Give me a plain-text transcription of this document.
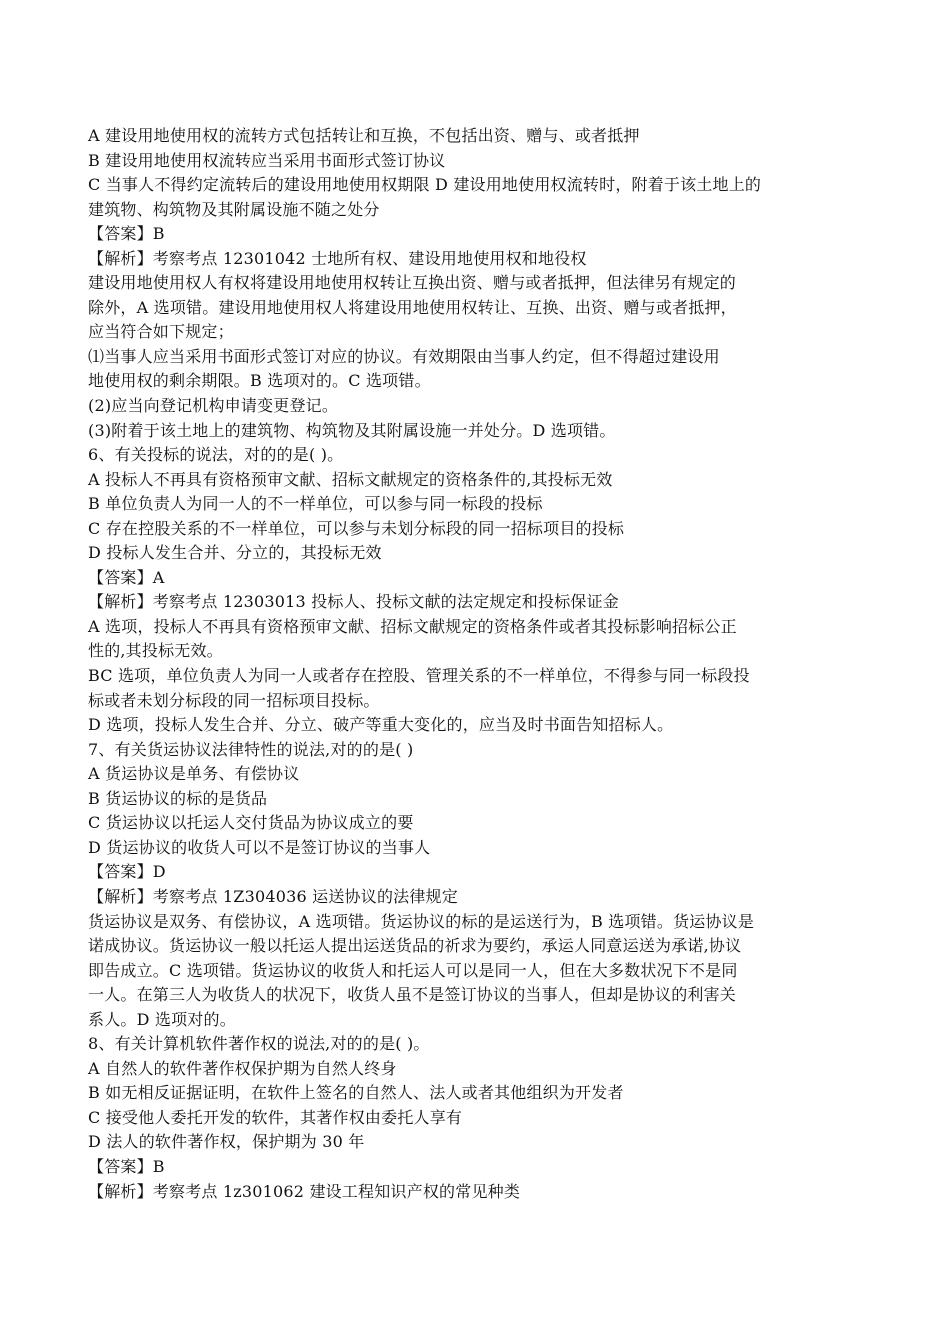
A 建设用地使用权的流转方式包括转让和互换，不包括出资、赠与、或者抵押
B 建设用地使用权流转应当采用书面形式签订协议
C 当事人不得约定流转后的建设用地使用权期限 D 建设用地使用权流转时，附着于该土地上的
建筑物、构筑物及其附属设施不随之处分
【答案】B
【解析】考察考点 12301042 士地所有权、建设用地使用权和地役权
建设用地使用权人有权将建设用地使用权转让互换出资、赠与或者抵押，但法律另有规定的
除外，A 选项错。建设用地使用权人将建设用地使用权转让、互换、出资、赠与或者抵押，
应当符合如下规定；
⑴当事人应当采用书面形式签订对应的协议。有效期限由当事人约定，但不得超过建设用
地使用权的剩余期限。B 选项对的。C 选项错。
(2)应当向登记机构申请变更登记。
(3)附着于该土地上的建筑物、构筑物及其附属设施一并处分。D 选项错。
6、有关投标的说法，对的的是( )。
A 投标人不再具有资格预审文献、招标文献规定的资格条件的,其投标无效
B 单位负责人为同一人的不一样单位，可以参与同一标段的投标
C 存在控股关系的不一样单位，可以参与未划分标段的同一招标项目的投标
D 投标人发生合并、分立的，其投标无效
【答案】A
【解析】考察考点 12303013 投标人、投标文献的法定规定和投标保证金
A 选项，投标人不再具有资格预审文献、招标文献规定的资格条件或者其投标影响招标公正
性的,其投标无效。
BC 选项，单位负责人为同一人或者存在控股、管理关系的不一样单位，不得参与同一标段投
标或者未划分标段的同一招标项目投标。
D 选项，投标人发生合并、分立、破产等重大变化的，应当及时书面告知招标人。
7、有关货运协议法律特性的说法,对的的是( )
A 货运协议是单务、有偿协议
B 货运协议的标的是货品
C 货运协议以托运人交付货品为协议成立的要
D 货运协议的收货人可以不是签订协议的当事人
【答案】D
【解析】考察考点 1Z304036 运送协议的法律规定
货运协议是双务、有偿协议，A 选项错。货运协议的标的是运送行为，B 选项错。货运协议是
诺成协议。货运协议一般以托运人提出运送货品的祈求为要约，承运人同意运送为承诺,协议
即告成立。C 选项错。货运协议的收货人和托运人可以是同一人，但在大多数状况下不是同
一人。在第三人为收货人的状况下，收货人虽不是签订协议的当事人，但却是协议的利害关
系人。D 选项对的。
8、有关计算机软件著作权的说法,对的的是( )。
A 自然人的软件著作权保护期为自然人终身
B 如无相反证据证明，在软件上签名的自然人、法人或者其他组织为开发者
C 接受他人委托开发的软件，其著作权由委托人享有
D 法人的软件著作权，保护期为 30 年
【答案】B
【解析】考察考点 1z301062 建设工程知识产权的常见种类
